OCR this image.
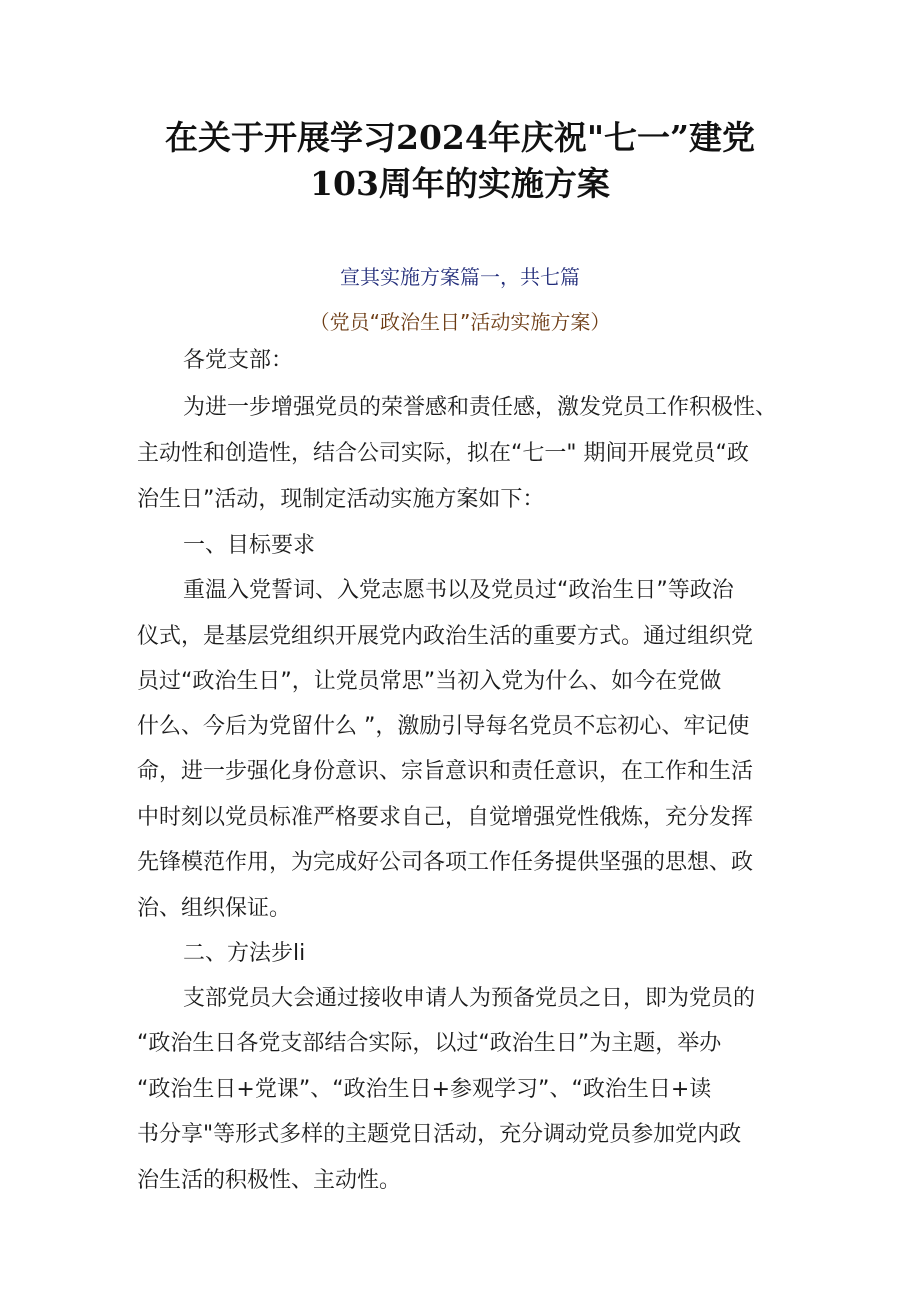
在关于开展学习2024年庆祝"七一”建党
103周年的实施方案
宣其实施方案篇一，共七篇
（党员“政治生日”活动实施方案）
各党支部：
为进一步增强党员的荣誉感和责任感，激发党员工作积极性、
主动性和创造性，结合公司实际，拟在“七一" 期间开展党员“政
治生日”活动，现制定活动实施方案如下：
一、目标要求
重温入党誓词、入党志愿书以及党员过“政治生日”等政治
仪式，是基层党组织开展党内政治生活的重要方式。通过组织党
员过“政治生日”，让党员常思”当初入党为什么、如今在党做
什么、今后为党留什么 ”，激励引导每名党员不忘初心、牢记使
命，进一步强化身份意识、宗旨意识和责任意识，在工作和生活
中时刻以党员标准严格要求自己，自觉增强党性俄炼，充分发挥
先锋模范作用，为完成好公司各项工作任务提供坚强的思想、政
治、组织保证。
二、方法步li
支部党员大会通过接收申请人为预备党员之日，即为党员的
“政治生日各党支部结合实际，以过“政治生日”为主题，举办
“政治生日+党课”、“政治生日+参观学习”、“政治生日+读
书分享"等形式多样的主题党日活动，充分调动党员参加党内政
治生活的积极性、主动性。
